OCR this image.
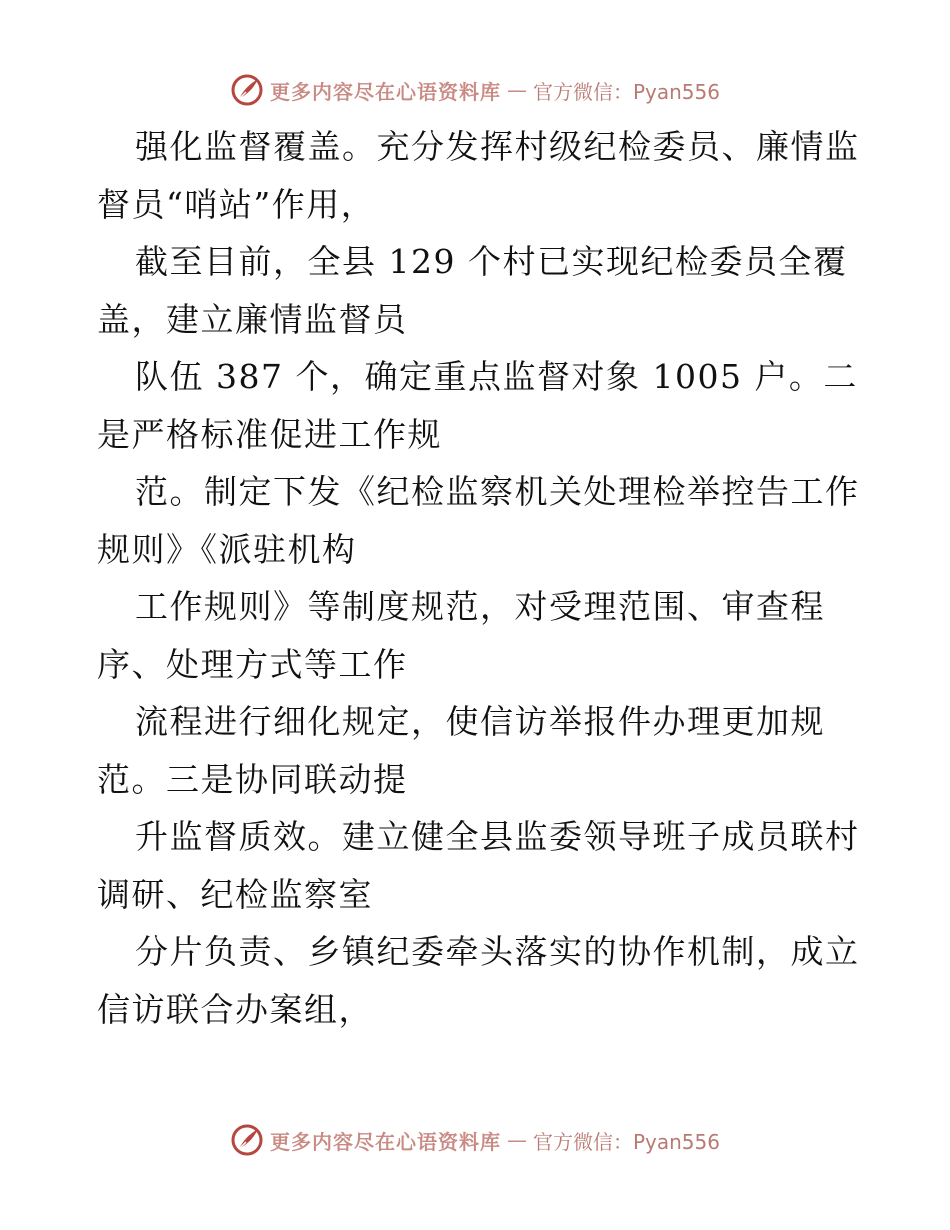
更多内容尽在心语资料库 — 官方微信：Pyan556
强化监督覆盖。充分发挥村级纪检委员、廉情监
督员“哨站”作用，
截至目前，全县 129 个村已实现纪检委员全覆
盖，建立廉情监督员
队伍 387 个，确定重点监督对象 1005 户。二
是严格标准促进工作规
范。制定下发《纪检监察机关处理检举控告工作
规则》《派驻机构
工作规则》等制度规范，对受理范围、审查程
序、处理方式等工作
流程进行细化规定，使信访举报件办理更加规
范。三是协同联动提
升监督质效。建立健全县监委领导班子成员联村
调研、纪检监察室
分片负责、乡镇纪委牵头落实的协作机制，成立
信访联合办案组，
更多内容尽在心语资料库 — 官方微信：Pyan556
